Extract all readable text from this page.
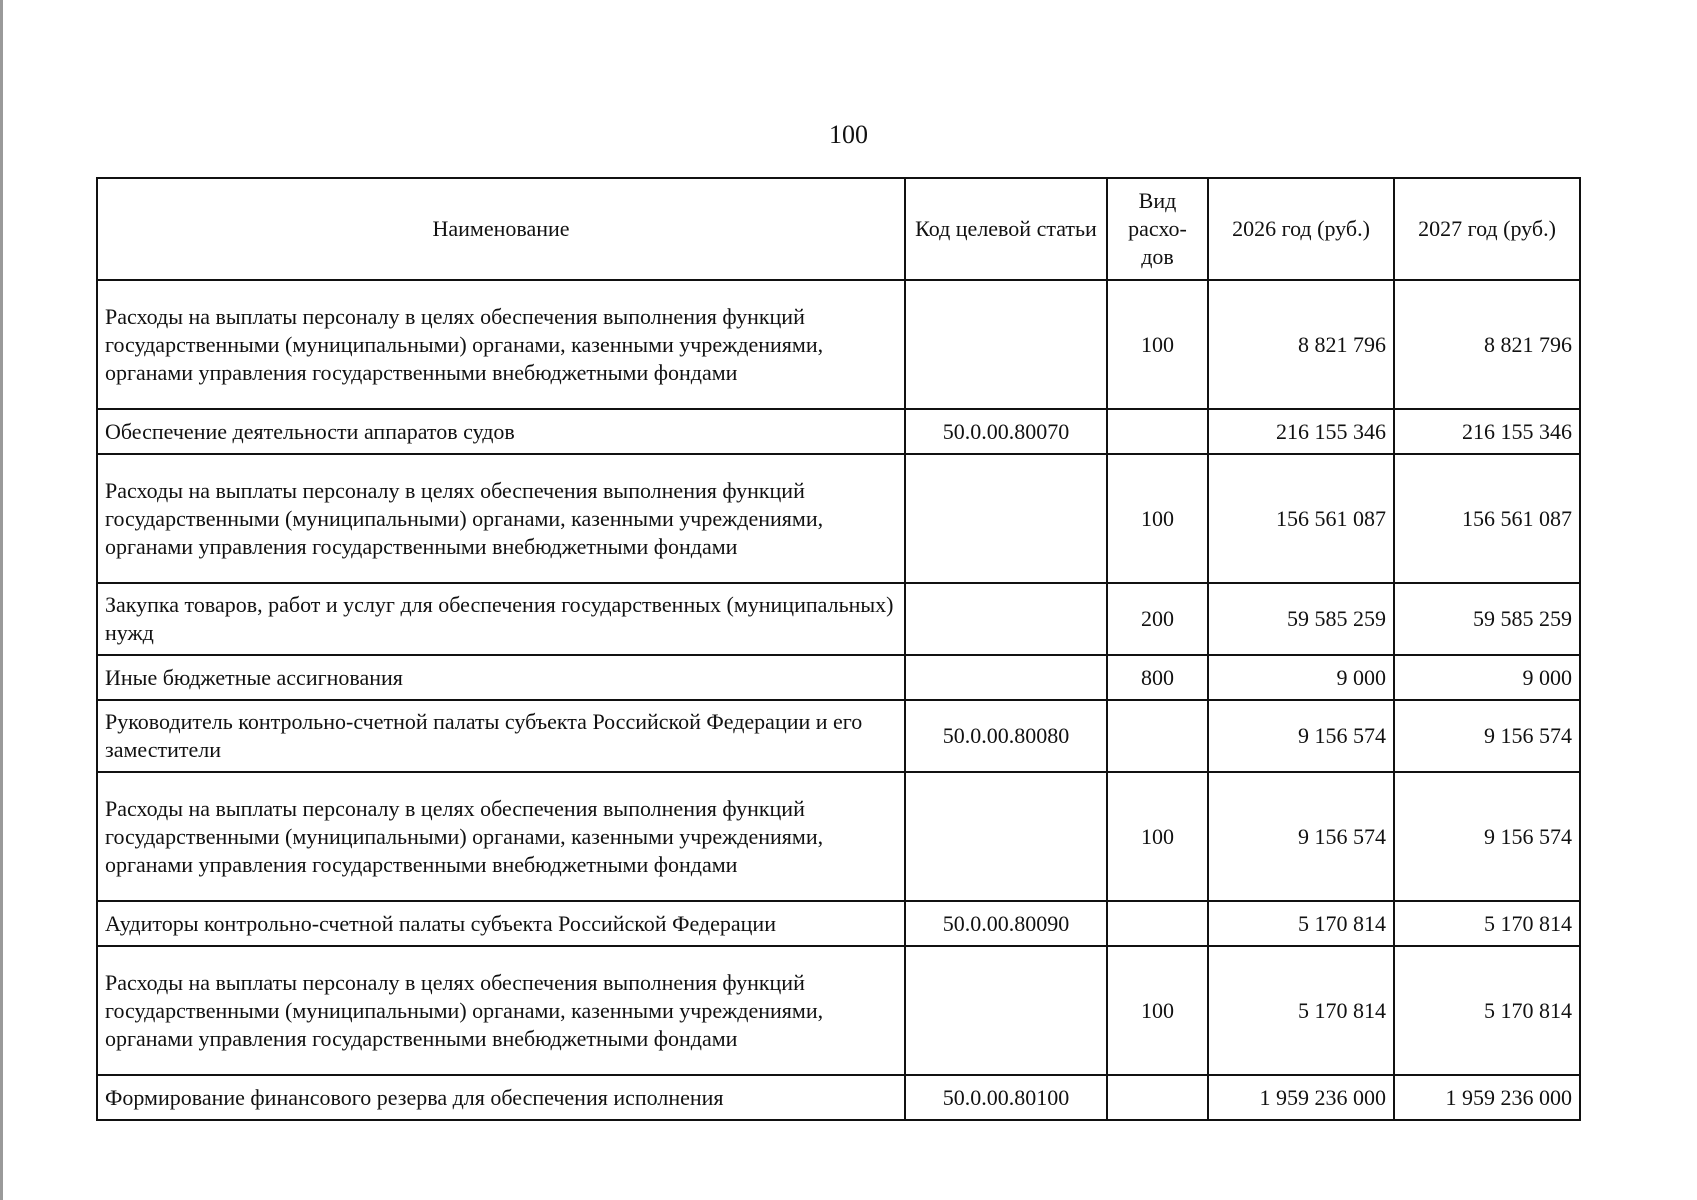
100
Наименование	Код целевой статьи	Вид расхо-дов	2026 год (руб.)	2027 год (руб.)
Расходы на выплаты персоналу в целях обеспечения выполнения функций государственными (муниципальными) органами, казенными учреждениями, органами управления государственными внебюджетными фондами		100	8 821 796	8 821 796
Обеспечение деятельности аппаратов судов	50.0.00.80070		216 155 346	216 155 346
Расходы на выплаты персоналу в целях обеспечения выполнения функций государственными (муниципальными) органами, казенными учреждениями, органами управления государственными внебюджетными фондами		100	156 561 087	156 561 087
Закупка товаров, работ и услуг для обеспечения государственных (муниципальных) нужд		200	59 585 259	59 585 259
Иные бюджетные ассигнования		800	9 000	9 000
Руководитель контрольно-счетной палаты субъекта Российской Федерации и его заместители	50.0.00.80080		9 156 574	9 156 574
Расходы на выплаты персоналу в целях обеспечения выполнения функций государственными (муниципальными) органами, казенными учреждениями, органами управления государственными внебюджетными фондами		100	9 156 574	9 156 574
Аудиторы контрольно-счетной палаты субъекта Российской Федерации	50.0.00.80090		5 170 814	5 170 814
Расходы на выплаты персоналу в целях обеспечения выполнения функций государственными (муниципальными) органами, казенными учреждениями, органами управления государственными внебюджетными фондами		100	5 170 814	5 170 814
Формирование финансового резерва для обеспечения исполнения	50.0.00.80100		1 959 236 000	1 959 236 000
